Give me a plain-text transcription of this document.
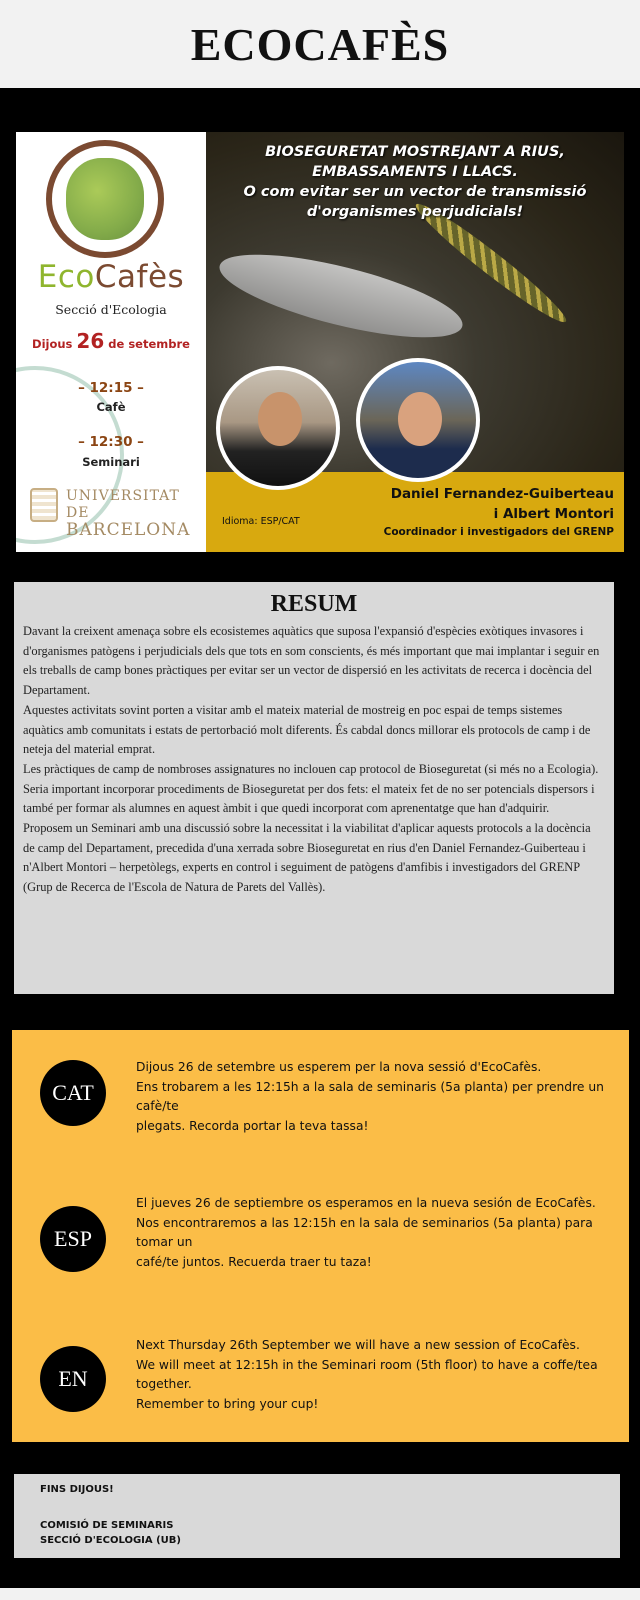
ECOCAFÈS
EcoCafès
Secció d'Ecologia
Dijous 26 de setembre
– 12:15 –
Cafè
– 12:30 –
Seminari
UNIVERSITAT DE
BARCELONA
BIOSEGURETAT MOSTREJANT A RIUS,
EMBASSAMENTS I LLACS.
O com evitar ser un vector de transmissió
d'organismes perjudicials!
Daniel Fernandez-Guiberteau
i Albert Montori
Idioma: ESP/CAT
Coordinador i investigadors del GRENP
RESUM

Davant la creixent amenaça sobre els ecosistemes aquàtics que suposa l'expansió d'espècies exòtiques invasores i d'organismes patògens i perjudicials dels que tots en som conscients, és més important que mai implantar i seguir en els treballs de camp bones pràctiques per evitar ser un vector de dispersió en les activitats de recerca i docència del Departament.

Aquestes activitats sovint porten a visitar amb el mateix material de mostreig en poc espai de temps sistemes aquàtics amb comunitats i estats de pertorbació molt diferents. És cabdal doncs millorar els protocols de camp i de neteja del material emprat.

Les pràctiques de camp de nombroses assignatures no inclouen cap protocol de Bioseguretat (si més no a Ecologia). Seria important incorporar procediments de Bioseguretat per dos fets: el mateix fet de no ser potencials dispersors i també per formar als alumnes en aquest àmbit i que quedi incorporat com aprenentatge que han d'adquirir.

Proposem un Seminari amb una discussió sobre la necessitat i la viabilitat d'aplicar aquests protocols a la docència de camp del Departament, precedida d'una xerrada sobre Bioseguretat en rius d'en Daniel Fernandez-Guiberteau i n'Albert Montori – herpetòlegs, experts en control i seguiment de patògens d'amfibis i investigadors del GRENP (Grup de Recerca de l'Escola de Natura de Parets del Vallès).

CAT
Dijous 26 de setembre us esperem per la nova sessió d'EcoCafès.
Ens trobarem a les 12:15h a la sala de seminaris (5a planta) per prendre un cafè/te
plegats. Recorda portar la teva tassa!
ESP
El jueves 26 de septiembre os esperamos en la nueva sesión de EcoCafès.
Nos encontraremos a las 12:15h en la sala de seminarios (5a planta) para tomar un
café/te juntos. Recuerda traer tu taza!
EN
Next Thursday 26th September we will have a new session of EcoCafès.
We will meet at 12:15h in the Seminari room (5th floor) to have a coffe/tea together.
Remember to bring your cup!
FINS DIJOUS!
COMISIÓ DE SEMINARIS
SECCIÓ D'ECOLOGIA (UB)
